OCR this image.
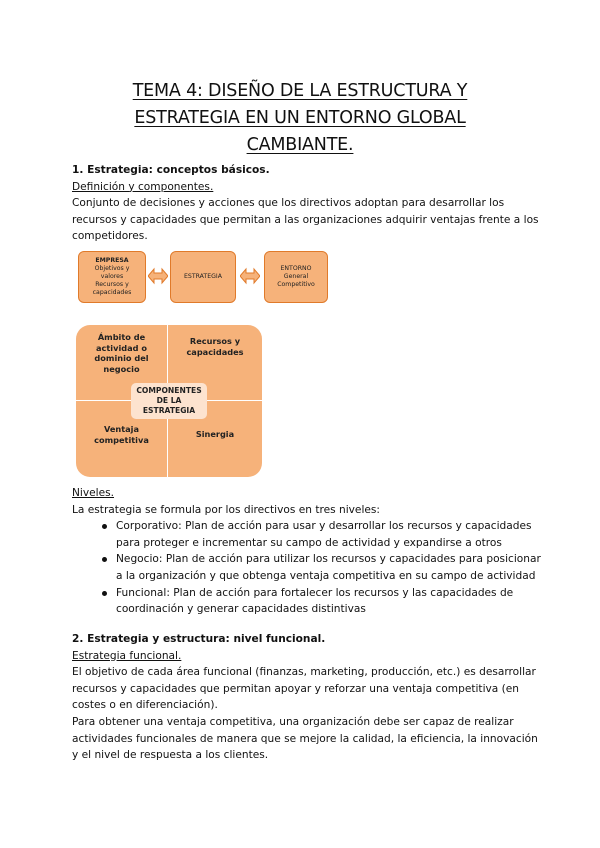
TEMA 4: DISEÑO DE LA ESTRUCTURA Y
ESTRATEGIA EN UN ENTORNO GLOBAL
CAMBIANTE.

1. Estrategia: conceptos básicos.

Definición y componentes.

Conjunto de decisiones y acciones que los directivos adoptan para desarrollar los recursos y capacidades que permitan a las organizaciones adquirir ventajas frente a los competidores.

EMPRESA
Objetivos y
valores
Recursos y
capacidades
ESTRATEGIA
ENTORNO
General
Competitivo
Ámbito de
actividad o
dominio del
negocio
Recursos y
capacidades
Ventaja
competitiva
Sinergia
COMPONENTES
DE LA
ESTRATEGIA

Niveles.

La estrategia se formula por los directivos en tres niveles:

Corporativo: Plan de acción para usar y desarrollar los recursos y capacidades para proteger e incrementar su campo de actividad y expandirse a otros
Negocio: Plan de acción para utilizar los recursos y capacidades para posicionar a la organización y que obtenga ventaja competitiva en su campo de actividad
Funcional: Plan de acción para fortalecer los recursos y las capacidades de coordinación y generar capacidades distintivas

2. Estrategia y estructura: nivel funcional.

Estrategia funcional.

El objetivo de cada área funcional (finanzas, marketing, producción, etc.) es desarrollar recursos y capacidades que permitan apoyar y reforzar una ventaja competitiva (en costes o en diferenciación).

Para obtener una ventaja competitiva, una organización debe ser capaz de realizar actividades funcionales de manera que se mejore la calidad, la eficiencia, la innovación y el nivel de respuesta a los clientes.
